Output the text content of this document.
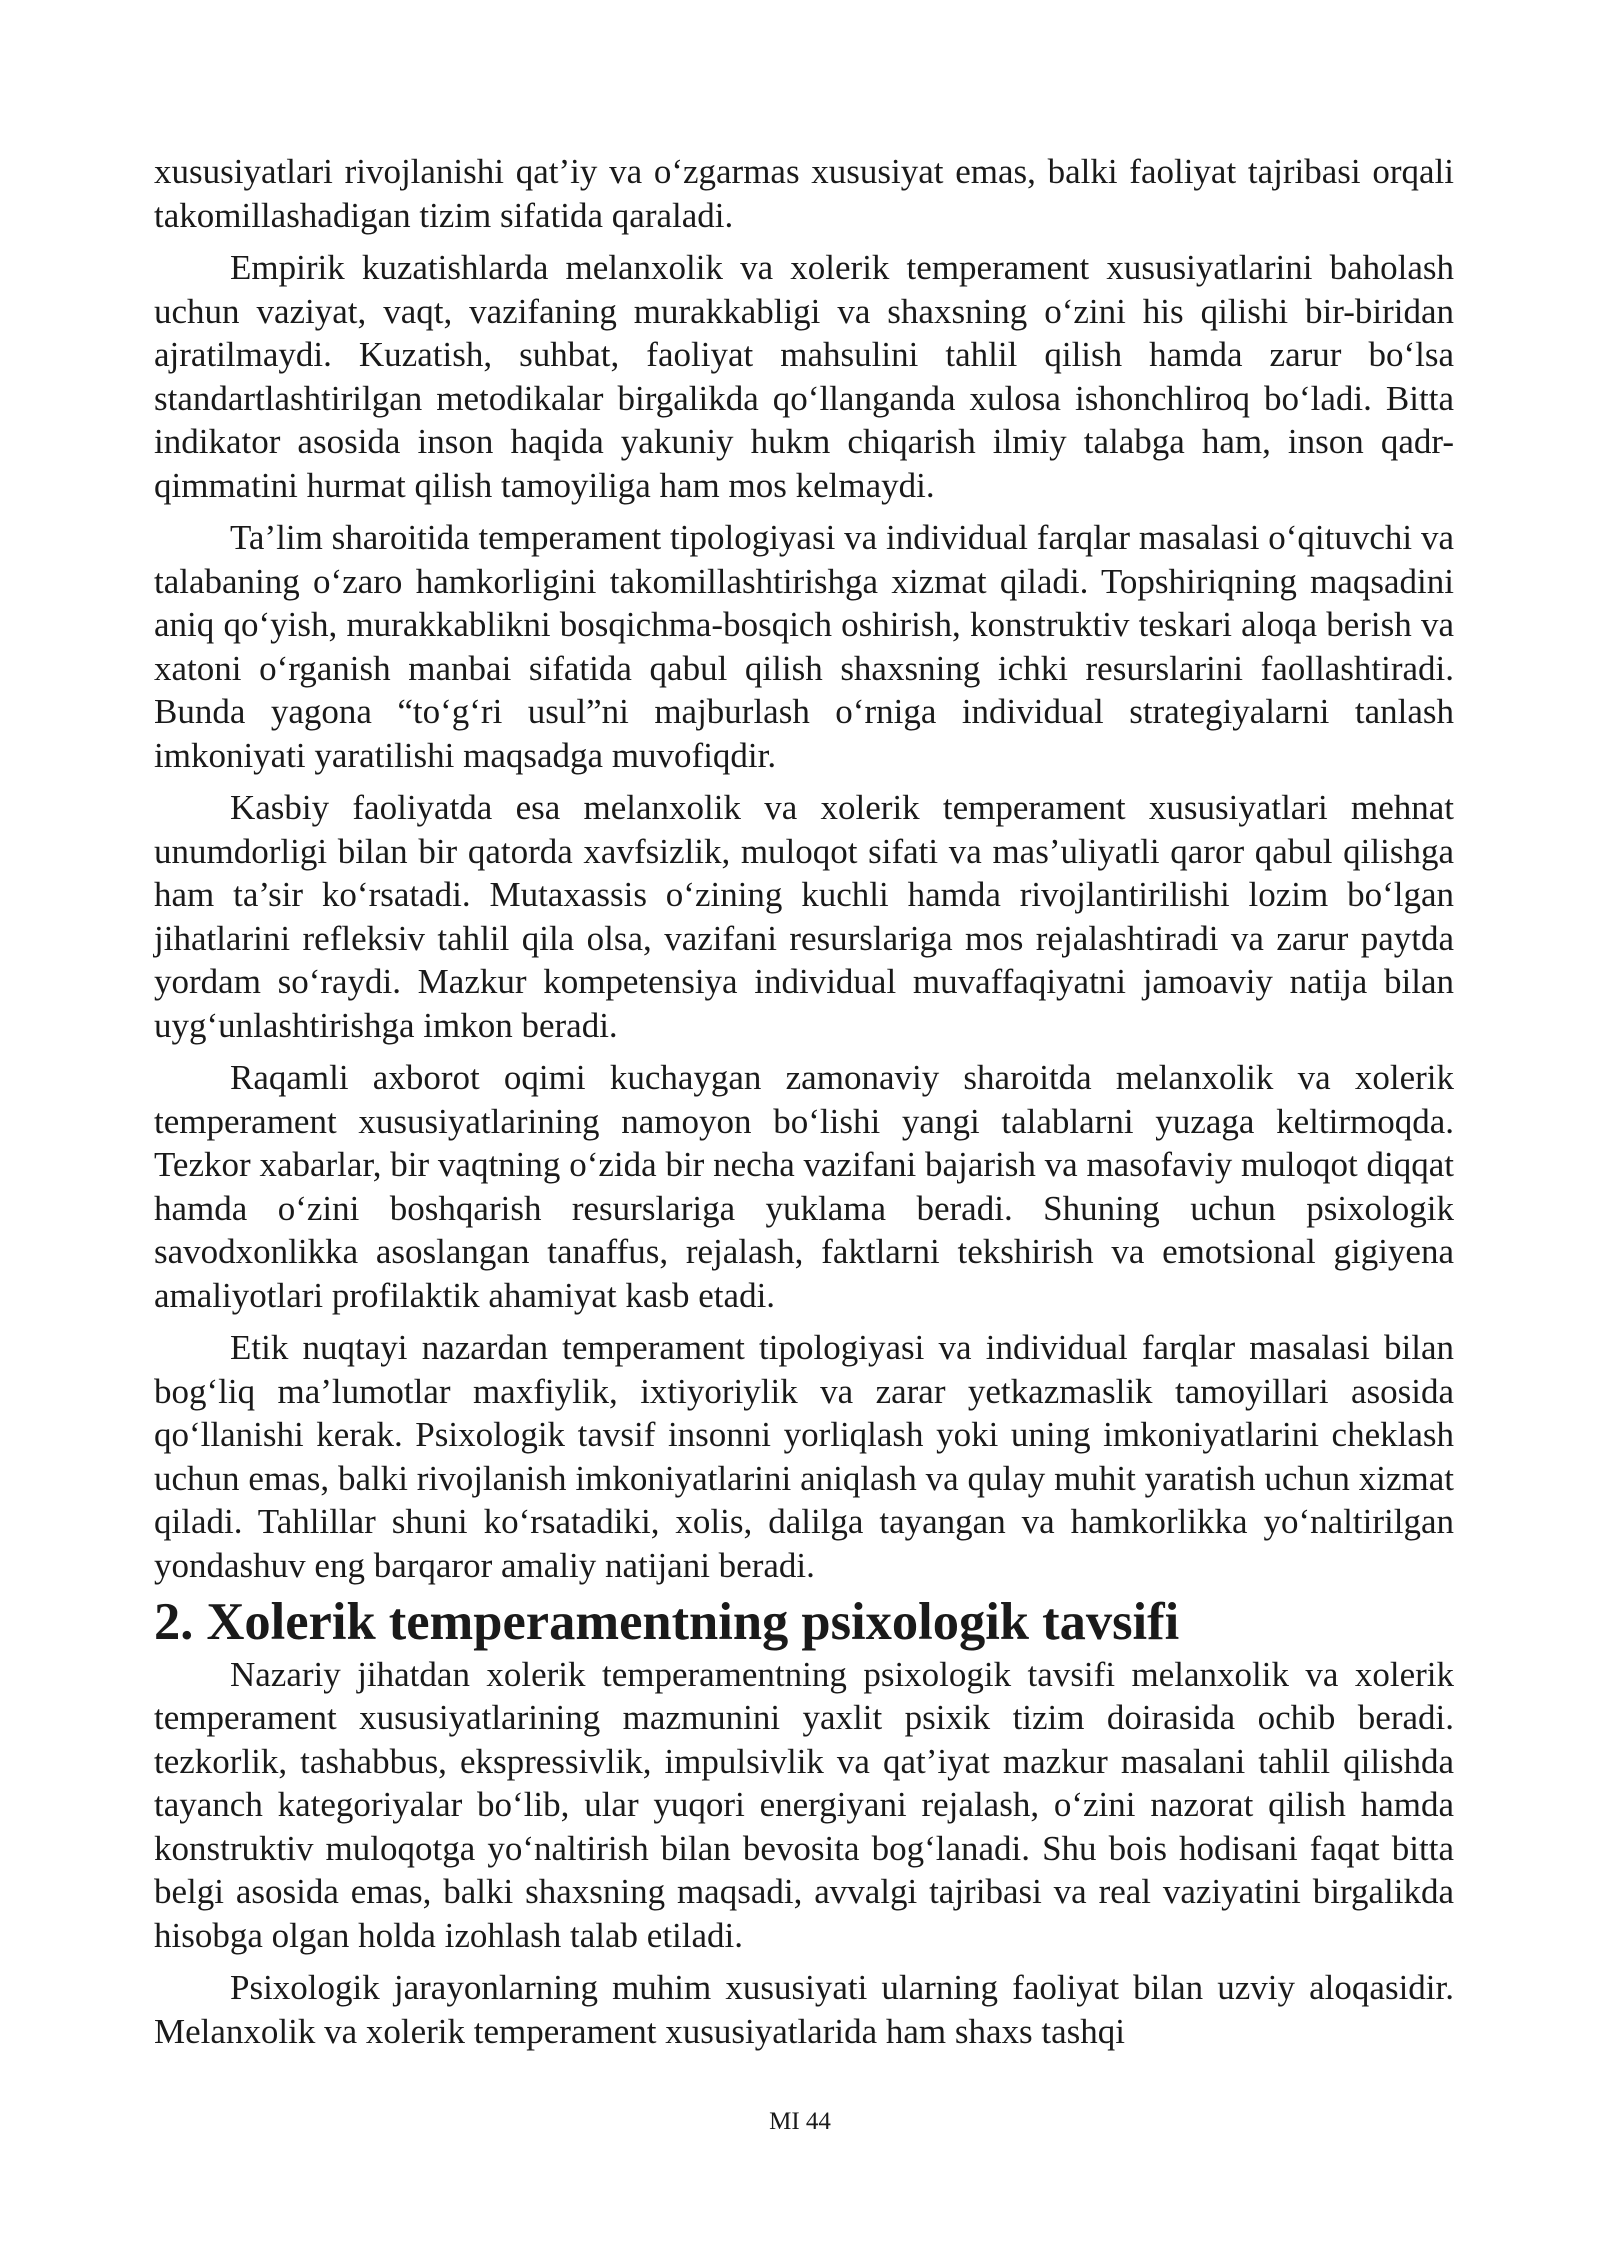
xususiyatlari rivojlanishi qat’iy va o‘zgarmas xususiyat emas, balki faoliyat tajribasi orqali takomillashadigan tizim sifatida qaraladi.

Empirik kuzatishlarda melanxolik va xolerik temperament xususiyatlarini baholash uchun vaziyat, vaqt, vazifaning murakkabligi va shaxsning o‘zini his qilishi bir-biridan ajratilmaydi. Kuzatish, suhbat, faoliyat mahsulini tahlil qilish hamda zarur bo‘lsa standartlashtirilgan metodikalar birgalikda qo‘llanganda xulosa ishonchliroq bo‘ladi. Bitta indikator asosida inson haqida yakuniy hukm chiqarish ilmiy talabga ham, inson qadr-qimmatini hurmat qilish tamoyiliga ham mos kelmaydi.

Ta’lim sharoitida temperament tipologiyasi va individual farqlar masalasi o‘qituvchi va talabaning o‘zaro hamkorligini takomillashtirishga xizmat qiladi. Topshiriqning maqsadini aniq qo‘yish, murakkablikni bosqichma-bosqich oshirish, konstruktiv teskari aloqa berish va xatoni o‘rganish manbai sifatida qabul qilish shaxsning ichki resurslarini faollashtiradi. Bunda yagona “to‘g‘ri usul”ni majburlash o‘rniga individual strategiyalarni tanlash imkoniyati yaratilishi maqsadga muvofiqdir.

Kasbiy faoliyatda esa melanxolik va xolerik temperament xususiyatlari mehnat unumdorligi bilan bir qatorda xavfsizlik, muloqot sifati va mas’uliyatli qaror qabul qilishga ham ta’sir ko‘rsatadi. Mutaxassis o‘zining kuchli hamda rivojlantirilishi lozim bo‘lgan jihatlarini refleksiv tahlil qila olsa, vazifani resurslariga mos rejalashtiradi va zarur paytda yordam so‘raydi. Mazkur kompetensiya individual muvaffaqiyatni jamoaviy natija bilan uyg‘unlashtirishga imkon beradi.

Raqamli axborot oqimi kuchaygan zamonaviy sharoitda melanxolik va xolerik temperament xususiyatlarining namoyon bo‘lishi yangi talablarni yuzaga keltirmoqda. Tezkor xabarlar, bir vaqtning o‘zida bir necha vazifani bajarish va masofaviy muloqot diqqat hamda o‘zini boshqarish resurslariga yuklama beradi. Shuning uchun psixologik savodxonlikka asoslangan tanaffus, rejalash, faktlarni tekshirish va emotsional gigiyena amaliyotlari profilaktik ahamiyat kasb etadi.

Etik nuqtayi nazardan temperament tipologiyasi va individual farqlar masalasi bilan bog‘liq ma’lumotlar maxfiylik, ixtiyoriylik va zarar yetkazmaslik tamoyillari asosida qo‘llanishi kerak. Psixologik tavsif insonni yorliqlash yoki uning imkoniyatlarini cheklash uchun emas, balki rivojlanish imkoniyatlarini aniqlash va qulay muhit yaratish uchun xizmat qiladi. Tahlillar shuni ko‘rsatadiki, xolis, dalilga tayangan va hamkorlikka yo‘naltirilgan yondashuv eng barqaror amaliy natijani beradi.

2. Xolerik temperamentning psixologik tavsifi

Nazariy jihatdan xolerik temperamentning psixologik tavsifi melanxolik va xolerik temperament xususiyatlarining mazmunini yaxlit psixik tizim doirasida ochib beradi. tezkorlik, tashabbus, ekspressivlik, impulsivlik va qat’iyat mazkur masalani tahlil qilishda tayanch kategoriyalar bo‘lib, ular yuqori energiyani rejalash, o‘zini nazorat qilish hamda konstruktiv muloqotga yo‘naltirish bilan bevosita bog‘lanadi. Shu bois hodisani faqat bitta belgi asosida emas, balki shaxsning maqsadi, avvalgi tajribasi va real vaziyatini birgalikda hisobga olgan holda izohlash talab etiladi.

Psixologik jarayonlarning muhim xususiyati ularning faoliyat bilan uzviy aloqasidir. Melanxolik va xolerik temperament xususiyatlarida ham shaxs tashqi

MI 44
